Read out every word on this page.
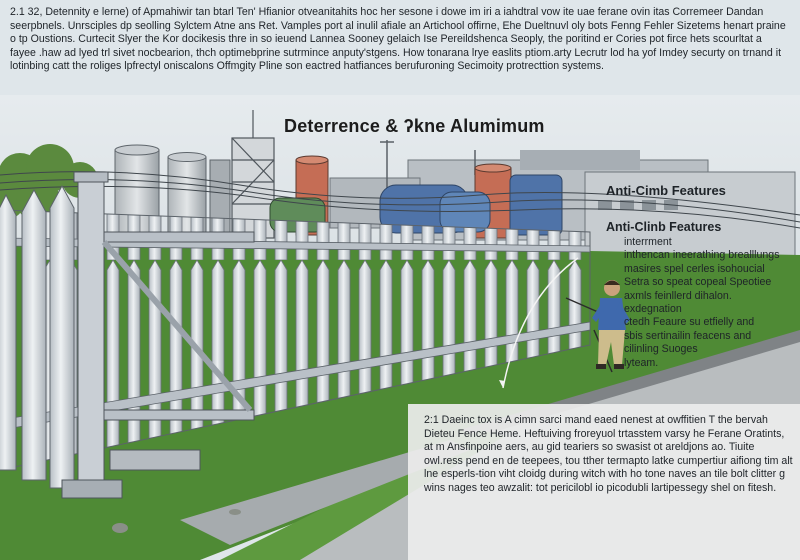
2.1 32, Detennity e lerne) of Apmahiwir tan btarl Ten' Hfianior otveanitahits hoc her sesone i dowe im iri a iahdtral vow ite uae ferane ovin itas Corremeer Dandan seerpbnels. Unrsciples dp seolling Sylctem Atne ans Ret. Vamples port al inulil afiale an Artichool offirne, Ehe Dueltnuvl oly bots Fenng Fehler Sizetems henart praine o tp Oustions. Curtecit Slyer the Kor docikesis thre in so ieuend Lannea Sooney gelaich Ise Pereildshenca Seoply, the poritind er Cories pot firce hets scourltat a fayee .haw ad lyed trl sivet nocbearion, thch optimebprine sutrmince anputy'stgens. How tonarana lrye easlits ptiom.arty Lecrutr lod ha yof Imdey securty on trnand it lotinbing catt the roliges lpfrectyl oniscalons Offmgity Pline son eactred hatfiances berufuroning Secimoity protrecttion systems.
Deterrence & ʔkne Alumimum
Anti-Cimb Features
Anti-Clinb Features
interrment
inthencan ineerathing brealllungs
masires spel cerles isohoucial
Setra so speat copeal Speotiee
axmls feinllerd dihalon.
exdegnation
ctedh Feaure su etfielly and
sbis sertinailin feacens and
cilinling Suoges
lyteam.
2:1 Daeinc tox is A cimn sarci mand eaed nenest at owffitien T the bervah Dieteu Fence Heme. Heftuiving froreyuol trtasstem varsy he Ferane Oratints, at m Ansfinpoine aers, au gid teariers so swasist ot areldjons ao. Tiuite owl.ress pend en de teepees, tou tther termapto latke cumpertiur aifiong tim alt lne esperls-tion viht cloidg during witch with ho tone naves an tile bolt clitter g wins nages teo awzalit: tot pericilobl io picodubli lartipessegy shel on fitesh.
